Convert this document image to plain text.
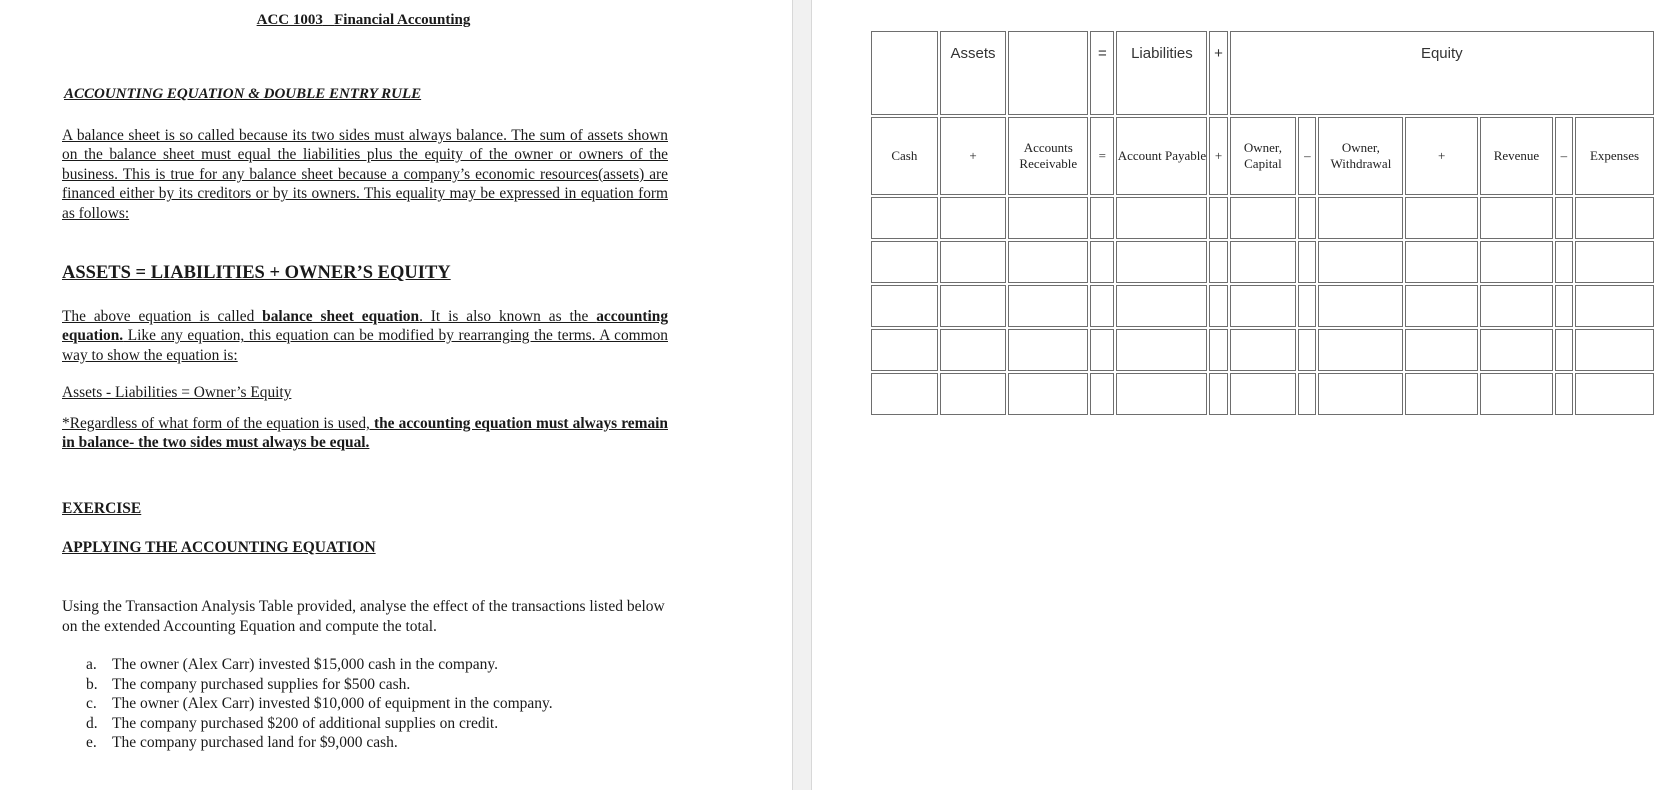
ACC 1003 Financial Accounting
ACCOUNTING EQUATION & DOUBLE ENTRY RULE
A balance sheet is so called because its two sides must always balance. The sum of assets shown on the balance sheet must equal the liabilities plus the equity of the owner or owners of the business. This is true for any balance sheet because a company’s economic resources(assets) are financed either by its creditors or by its owners. This equality may be expressed in equation form as follows:
ASSETS = LIABILITIES + OWNER’S EQUITY
The above equation is called balance sheet equation. It is also known as the accounting equation. Like any equation, this equation can be modified by rearranging the terms. A common way to show the equation is:
Assets - Liabilities = Owner’s Equity
*Regardless of what form of the equation is used, the accounting equation must always remain in balance- the two sides must always be equal.
EXERCISE
APPLYING THE ACCOUNTING EQUATION
Using the Transaction Analysis Table provided, analyse the effect of the transactions listed below on the extended Accounting Equation and compute the total.
a. The owner (Alex Carr) invested $15,000 cash in the company.
b. The company purchased supplies for $500 cash.
c. The owner (Alex Carr) invested $10,000 of equipment in the company.
d. The company purchased $200 of additional supplies on credit.
e. The company purchased land for $9,000 cash.
	Assets		=	Liabilities	+	Equity						
Cash	+	Accounts Receivable	=	Account Payable	+	Owner, Capital	–	Owner, Withdrawal	+	Revenue	–	Expenses
